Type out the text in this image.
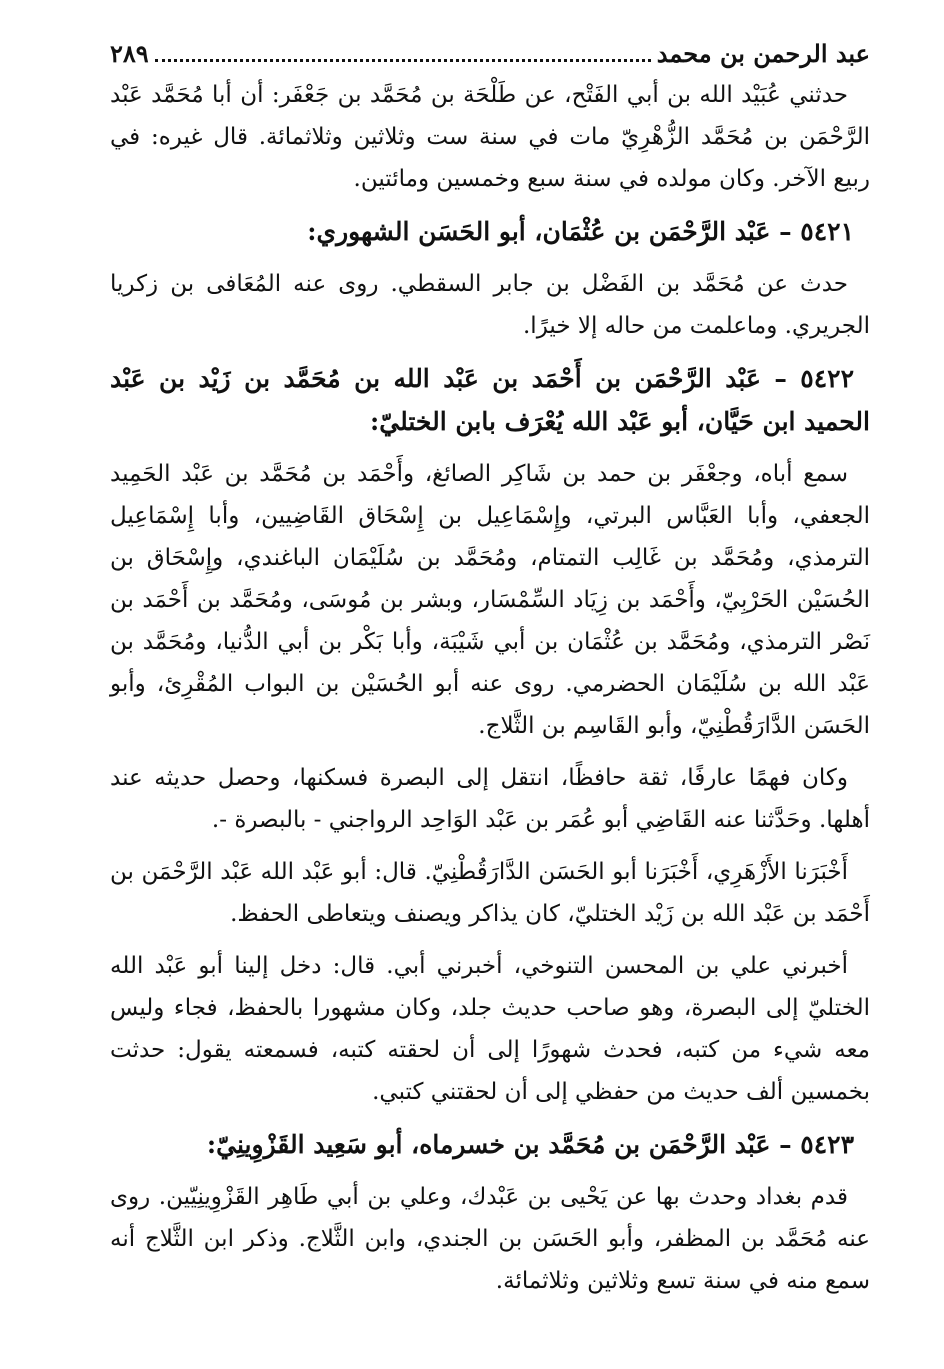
عبد الرحمن بن محمد
٢٨٩

حدثني عُبَيْد الله بن أبي الفَتْح، عن طَلْحَة بن مُحَمَّد بن جَعْفَر: أن أبا مُحَمَّد عَبْد الرَّحْمَن بن مُحَمَّد الزُّهْرِيّ مات في سنة ست وثلاثين وثلاثمائة. قال غيره: في ربيع الآخر. وكان مولده في سنة سبع وخمسين ومائتين.

٥٤٢١ – عَبْد الرَّحْمَن بن عُثْمَان، أبو الحَسَن الشهوري:

حدث عن مُحَمَّد بن الفَضْل بن جابر السقطي. روى عنه المُعَافى بن زكريا الجريري. وماعلمت من حاله إلا خيرًا.

٥٤٢٢ – عَبْد الرَّحْمَن بن أَحْمَد بن عَبْد الله بن مُحَمَّد بن زَيْد بن عَبْد الحميد ابن حَيَّان، أبو عَبْد الله يُعْرَف بابن الختليّ:

سمع أباه، وجعْفَر بن حمد بن شَاكِر الصائغ، وأَحْمَد بن مُحَمَّد بن عَبْد الحَمِيد الجعفي، وأبا العَبَّاس البرتي، وإِسْمَاعِيل بن إِسْحَاق القَاضِيين، وأبا إِسْمَاعِيل الترمذي، ومُحَمَّد بن غَالِب التمتام، ومُحَمَّد بن سُلَيْمَان الباغندي، وإِسْحَاق بن الحُسَيْن الحَرْبِيّ، وأَحْمَد بن زِيَاد السِّمْسَار، وبشر بن مُوسَى، ومُحَمَّد بن أَحْمَد بن نَصْر الترمذي، ومُحَمَّد بن عُثْمَان بن أبي شَيْبَة، وأبا بَكْر بن أبي الدُّنيا، ومُحَمَّد بن عَبْد الله بن سُلَيْمَان الحضرمي. روى عنه أبو الحُسَيْن بن البواب المُقْرِئ، وأبو الحَسَن الدَّارَقُطْنِيّ، وأبو القَاسِم بن الثَّلاج.

وكان فهمًا عارفًا، ثقة حافظًا، انتقل إلى البصرة فسكنها، وحصل حديثه عند أهلها. وحَدَّثنا عنه القَاضِي أبو عُمَر بن عَبْد الوَاحِد الرواجني - بالبصرة -.

أَخْبَرَنا الأَزْهَرِي، أَخْبَرَنا أبو الحَسَن الدَّارَقُطْنِيّ. قال: أبو عَبْد الله عَبْد الرَّحْمَن بن أَحْمَد بن عَبْد الله بن زَيْد الختليّ، كان يذاكر ويصنف ويتعاطى الحفظ.

أخبرني علي بن المحسن التنوخي، أخبرني أبي. قال: دخل إلينا أبو عَبْد الله الختليّ إلى البصرة، وهو صاحب حديث جلد، وكان مشهورا بالحفظ، فجاء وليس معه شيء من كتبه، فحدث شهورًا إلى أن لحقته كتبه، فسمعته يقول: حدثت بخمسين ألف حديث من حفظي إلى أن لحقتني كتبي.

٥٤٢٣ – عَبْد الرَّحْمَن بن مُحَمَّد بن خسرماه، أبو سَعِيد القَزْوِينِيّ:

قدم بغداد وحدث بها عن يَحْيى بن عَبْدك، وعلي بن أبي طَاهِر القَزْوِينِيّين. روى عنه مُحَمَّد بن المظفر، وأبو الحَسَن بن الجندي، وابن الثَّلاج. وذكر ابن الثَّلاج أنه سمع منه في سنة تسع وثلاثين وثلاثمائة.
